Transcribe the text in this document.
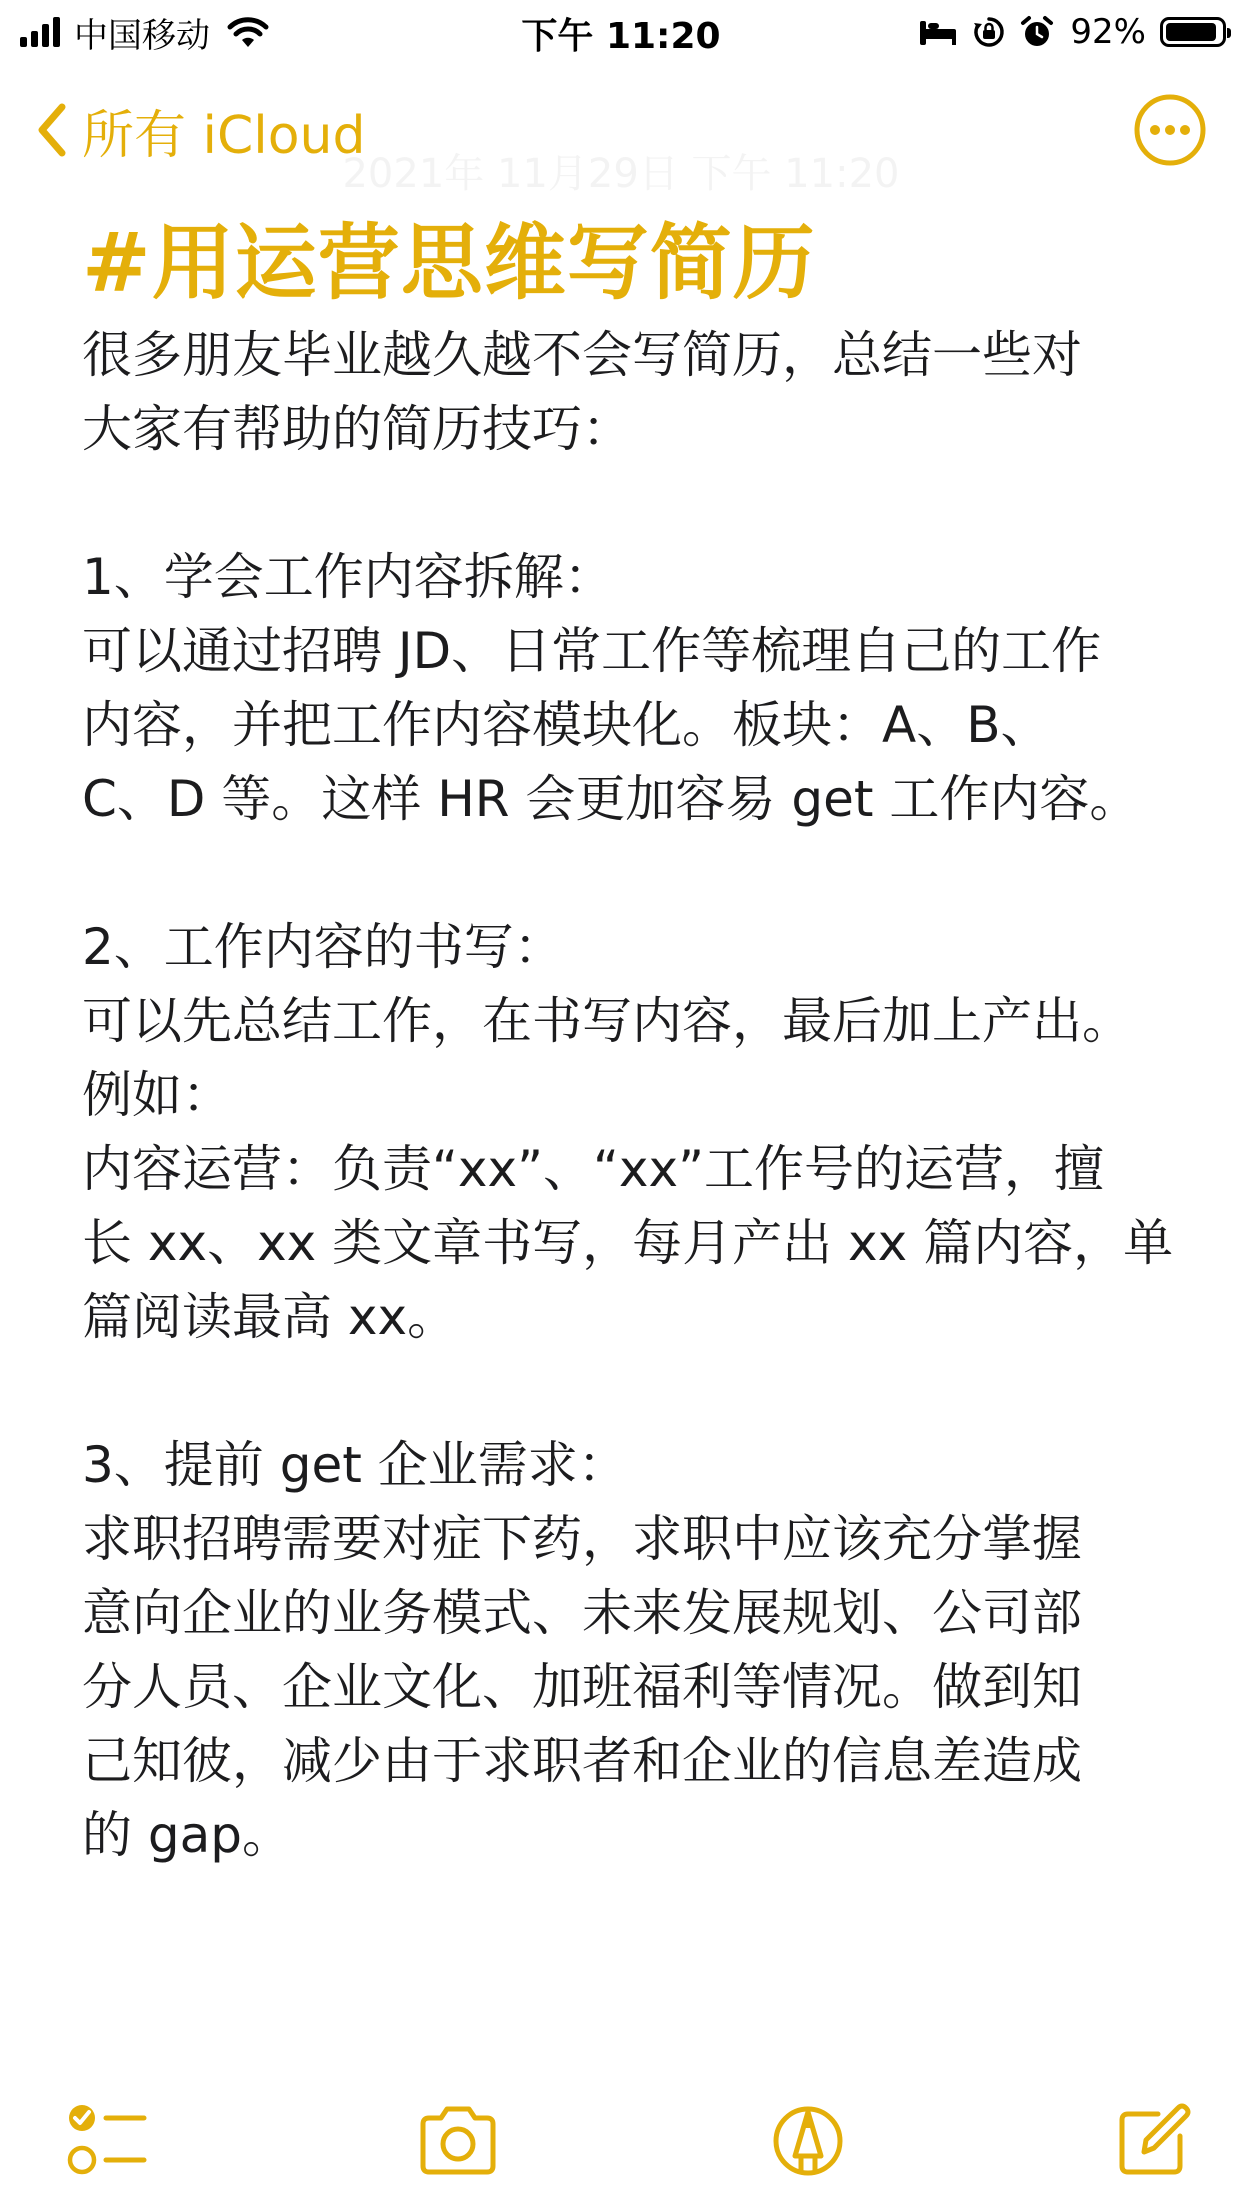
中国移动	下午 11:20	92%
所有 iCloud
2021年 11月29日 下午 11:20
#用运营思维写简历

很多朋友毕业越久越不会写简历，总结一些对

大家有帮助的简历技巧：

1、学会工作内容拆解：

可以通过招聘 JD、日常工作等梳理自己的工作

内容，并把工作内容模块化。板块：A、B、

C、D 等。这样 HR 会更加容易 get 工作内容。

2、工作内容的书写：

可以先总结工作，在书写内容，最后加上产出。

例如：

内容运营：负责“xx”、“xx”工作号的运营，擅

长 xx、xx 类文章书写，每月产出 xx 篇内容，单

篇阅读最高 xx。

3、提前 get 企业需求：

求职招聘需要对症下药，求职中应该充分掌握

意向企业的业务模式、未来发展规划、公司部

分人员、企业文化、加班福利等情况。做到知

己知彼，减少由于求职者和企业的信息差造成

的 gap。
